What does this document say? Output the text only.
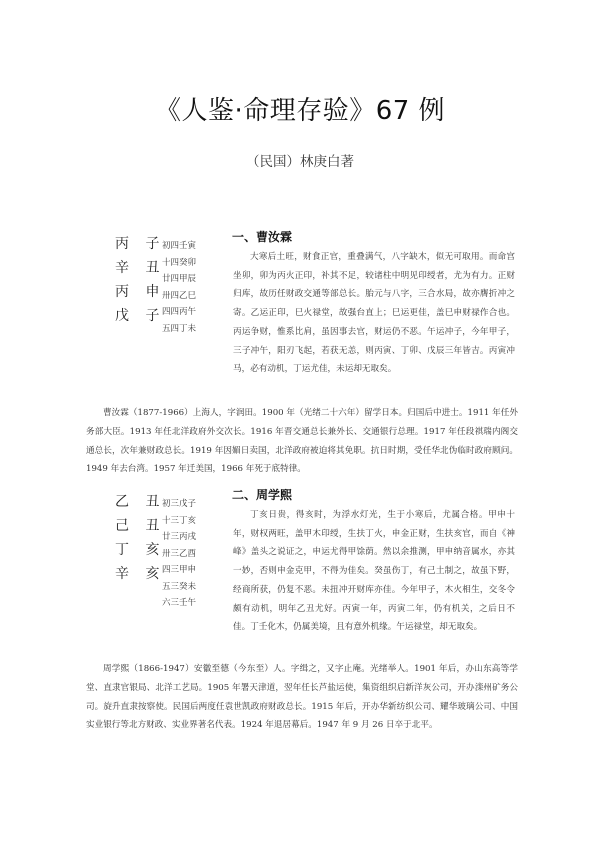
《人鉴·命理存验》67 例
（民国）林庚白著
丙 子
辛 丑
丙 申
戊 子
初四壬寅
十四癸卯
廿四甲辰
卅四乙巳
四四丙午
五四丁未
一、曹汝霖

大寒后土旺，财食正官，重叠满气，八字缺木，似无可取用。而命宫坐卯，卯为丙火正印，补其不足，较诸柱中明见印绶者，尤为有力。正财归库，故历任财政交通等部总长。胎元与八字，三合水局，故亦膺折冲之寄。乙运正印，巳火禄堂，故强台直上；巳运更佳，盖巳申财禄作合也。丙运争财，惟系比肩，虽因事去官，财运仍不恶。午运冲子，今年甲子，三子冲午，阳刃飞起，若获无恙，则丙寅、丁卯、戊辰三年皆吉。丙寅冲马，必有动机，丁运尤佳，未运却无取矣。

曹汝霖（1877-1966）上海人，字润田。1900 年（光绪二十六年）留学日本。归国后中进士。1911 年任外务部大臣。1913 年任北洋政府外交次长。1916 年晋交通总长兼外长、交通银行总理。1917 年任段祺瑞内阁交通总长，次年兼财政总长。1919 年因媚日卖国，北洋政府被迫将其免职。抗日时期，受任华北伪临时政府顾问。1949 年去台湾。1957 年迁美国，1966 年死于底特律。

乙 丑
己 丑
丁 亥
辛 亥
初三戊子
十三丁亥
廿三丙戌
卅三乙酉
四三甲申
五三癸未
六三壬午
二、周学熙

丁亥日贵，得亥时，为浮水灯光，生于小寒后，尤属合格。甲申十年，财权两旺，盖甲木印绶，生扶丁火，申金正财，生扶亥官，而自《神峰》盖头之说证之，申运尤得甲馀荫。然以余推测，甲申纳音属水，亦其一妙，否则申金克甲，不得为佳矣。癸虽伤丁，有己土制之，故虽下野，经商所获，仍复不恶。未扭冲开财库亦佳。今年甲子，木火相生，交冬令颇有动机，明年乙丑尤好。丙寅一年，丙寅二年，仍有机关，之后日不佳。丁壬化木，仍属美境，且有意外机缘。午运禄堂，却无取矣。

周学熙（1866-1947）安徽至德（今东至）人。字缉之，又字止庵。光绪举人。1901 年后，办山东高等学堂、直隶官银局、北洋工艺局。1905 年署天津道，翌年任长芦盐运使，集资组织启新洋灰公司，开办滦州矿务公司。旋升直隶按察使。民国后两度任袁世凯政府财政总长。1915 年后，开办华新纺织公司、耀华玻璃公司、中国实业银行等北方财政、实业界著名代表。1924 年退居幕后。1947 年 9 月 26 日卒于北平。
